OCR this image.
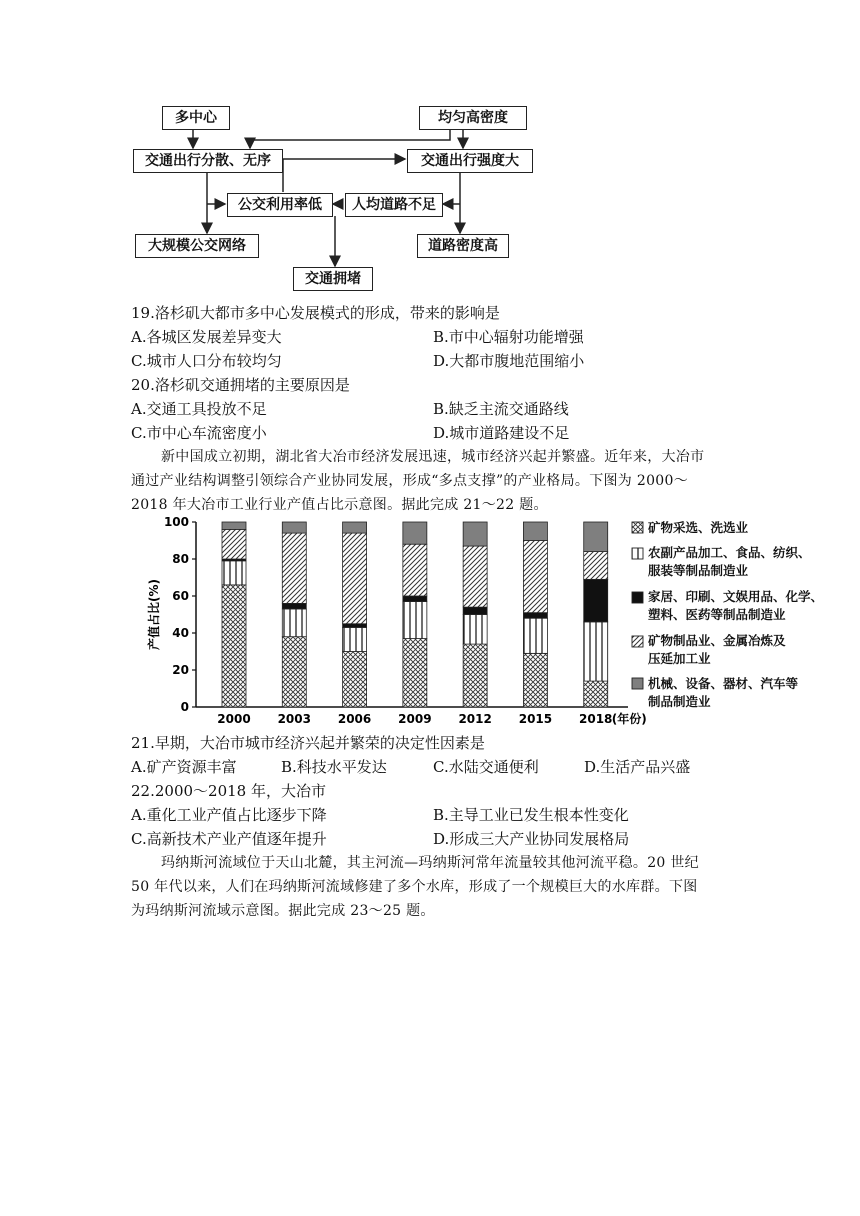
多中心	均匀高密度
交通出行分散、无序	交通出行强度大
公交利用率低	人均道路不足
大规模公交网络	道路密度高
交通拥堵
19.洛杉矶大都市多中心发展模式的形成，带来的影响是
A.各城区发展差异变大	B.市中心辐射功能增强
C.城市人口分布较均匀	D.大都市腹地范围缩小
20.洛杉矶交通拥堵的主要原因是
A.交通工具投放不足	B.缺乏主流交通路线
C.市中心车流密度小	D.城市道路建设不足
新中国成立初期，湖北省大冶市经济发展迅速，城市经济兴起并繁盛。近年来，大冶市
通过产业结构调整引领综合产业协同发展，形成“多点支撑”的产业格局。下图为 2000～
2018 年大冶市工业行业产值占比示意图。据此完成 21～22 题。
0
20
40
60
80
100
产值占比(%)
2000 2003 2006 2009 2012 2015 2018 (年份)
矿物采选、洗选业
农副产品加工、食品、纺织、
服装等制品制造业
家居、印刷、文娱用品、化学、
塑料、医药等制品制造业
矿物制品业、金属冶炼及
压延加工业
机械、设备、器材、汽车等
制品制造业
21.早期，大冶市城市经济兴起并繁荣的决定性因素是
A.矿产资源丰富	B.科技水平发达	C.水陆交通便利	D.生活产品兴盛
22.2000～2018 年，大冶市
A.重化工业产值占比逐步下降	B.主导工业已发生根本性变化
C.高新技术产业产值逐年提升	D.形成三大产业协同发展格局
玛纳斯河流域位于天山北麓，其主河流—玛纳斯河常年流量较其他河流平稳。20 世纪
50 年代以来，人们在玛纳斯河流域修建了多个水库，形成了一个规模巨大的水库群。下图
为玛纳斯河流域示意图。据此完成 23～25 题。
